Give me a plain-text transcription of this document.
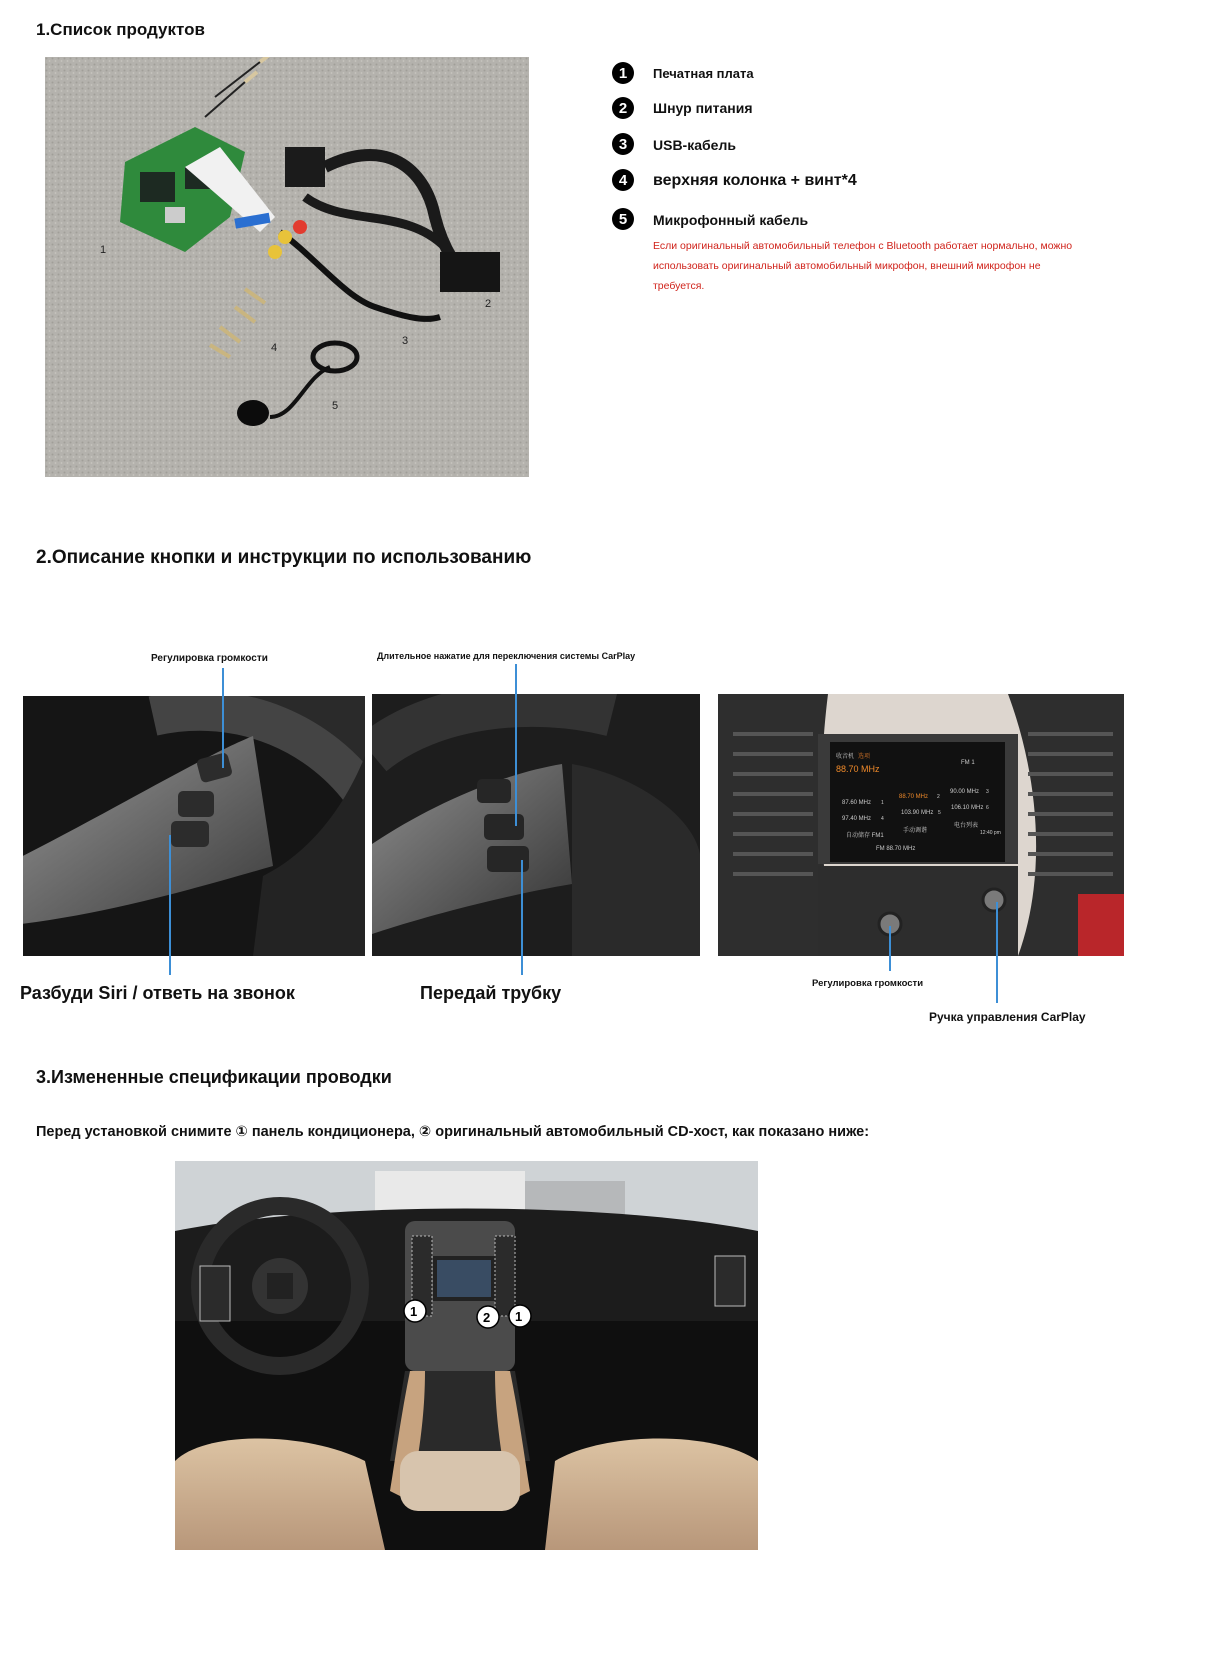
1.Список продуктов
1
2
3
4
5
1	Печатная плата
2	Шнур питания
3	USB-кабель
4	верхняя колонка + винт*4
5	Микрофонный кабель
Если оригинальный автомобильный телефон с Bluetooth работает нормально, можно использовать оригинальный автомобильный микрофон, внешний микрофон не требуется.
2.Описание кнопки и инструкции по использованию
Регулировка громкости	Длительное нажатие для переключения системы CarPlay
收音机 选项
88.70 MHz
FM 1
87.60 MHz
88.70 MHz
90.00 MHz
97.40 MHz
103.90 MHz
106.10 MHz
1
2
3
4
5
6
自动储存 FM1
手动调谐
电台列表
12:40 pm
FM 88.70 MHz
Разбуди Siri / ответь на звонок	Передай трубку	Регулировка громкости
Ручка управления CarPlay
3.Измененные спецификации проводки
Перед установкой снимите ① панель кондиционера, ② оригинальный автомобильный CD-хост, как показано ниже:
1	2 1
